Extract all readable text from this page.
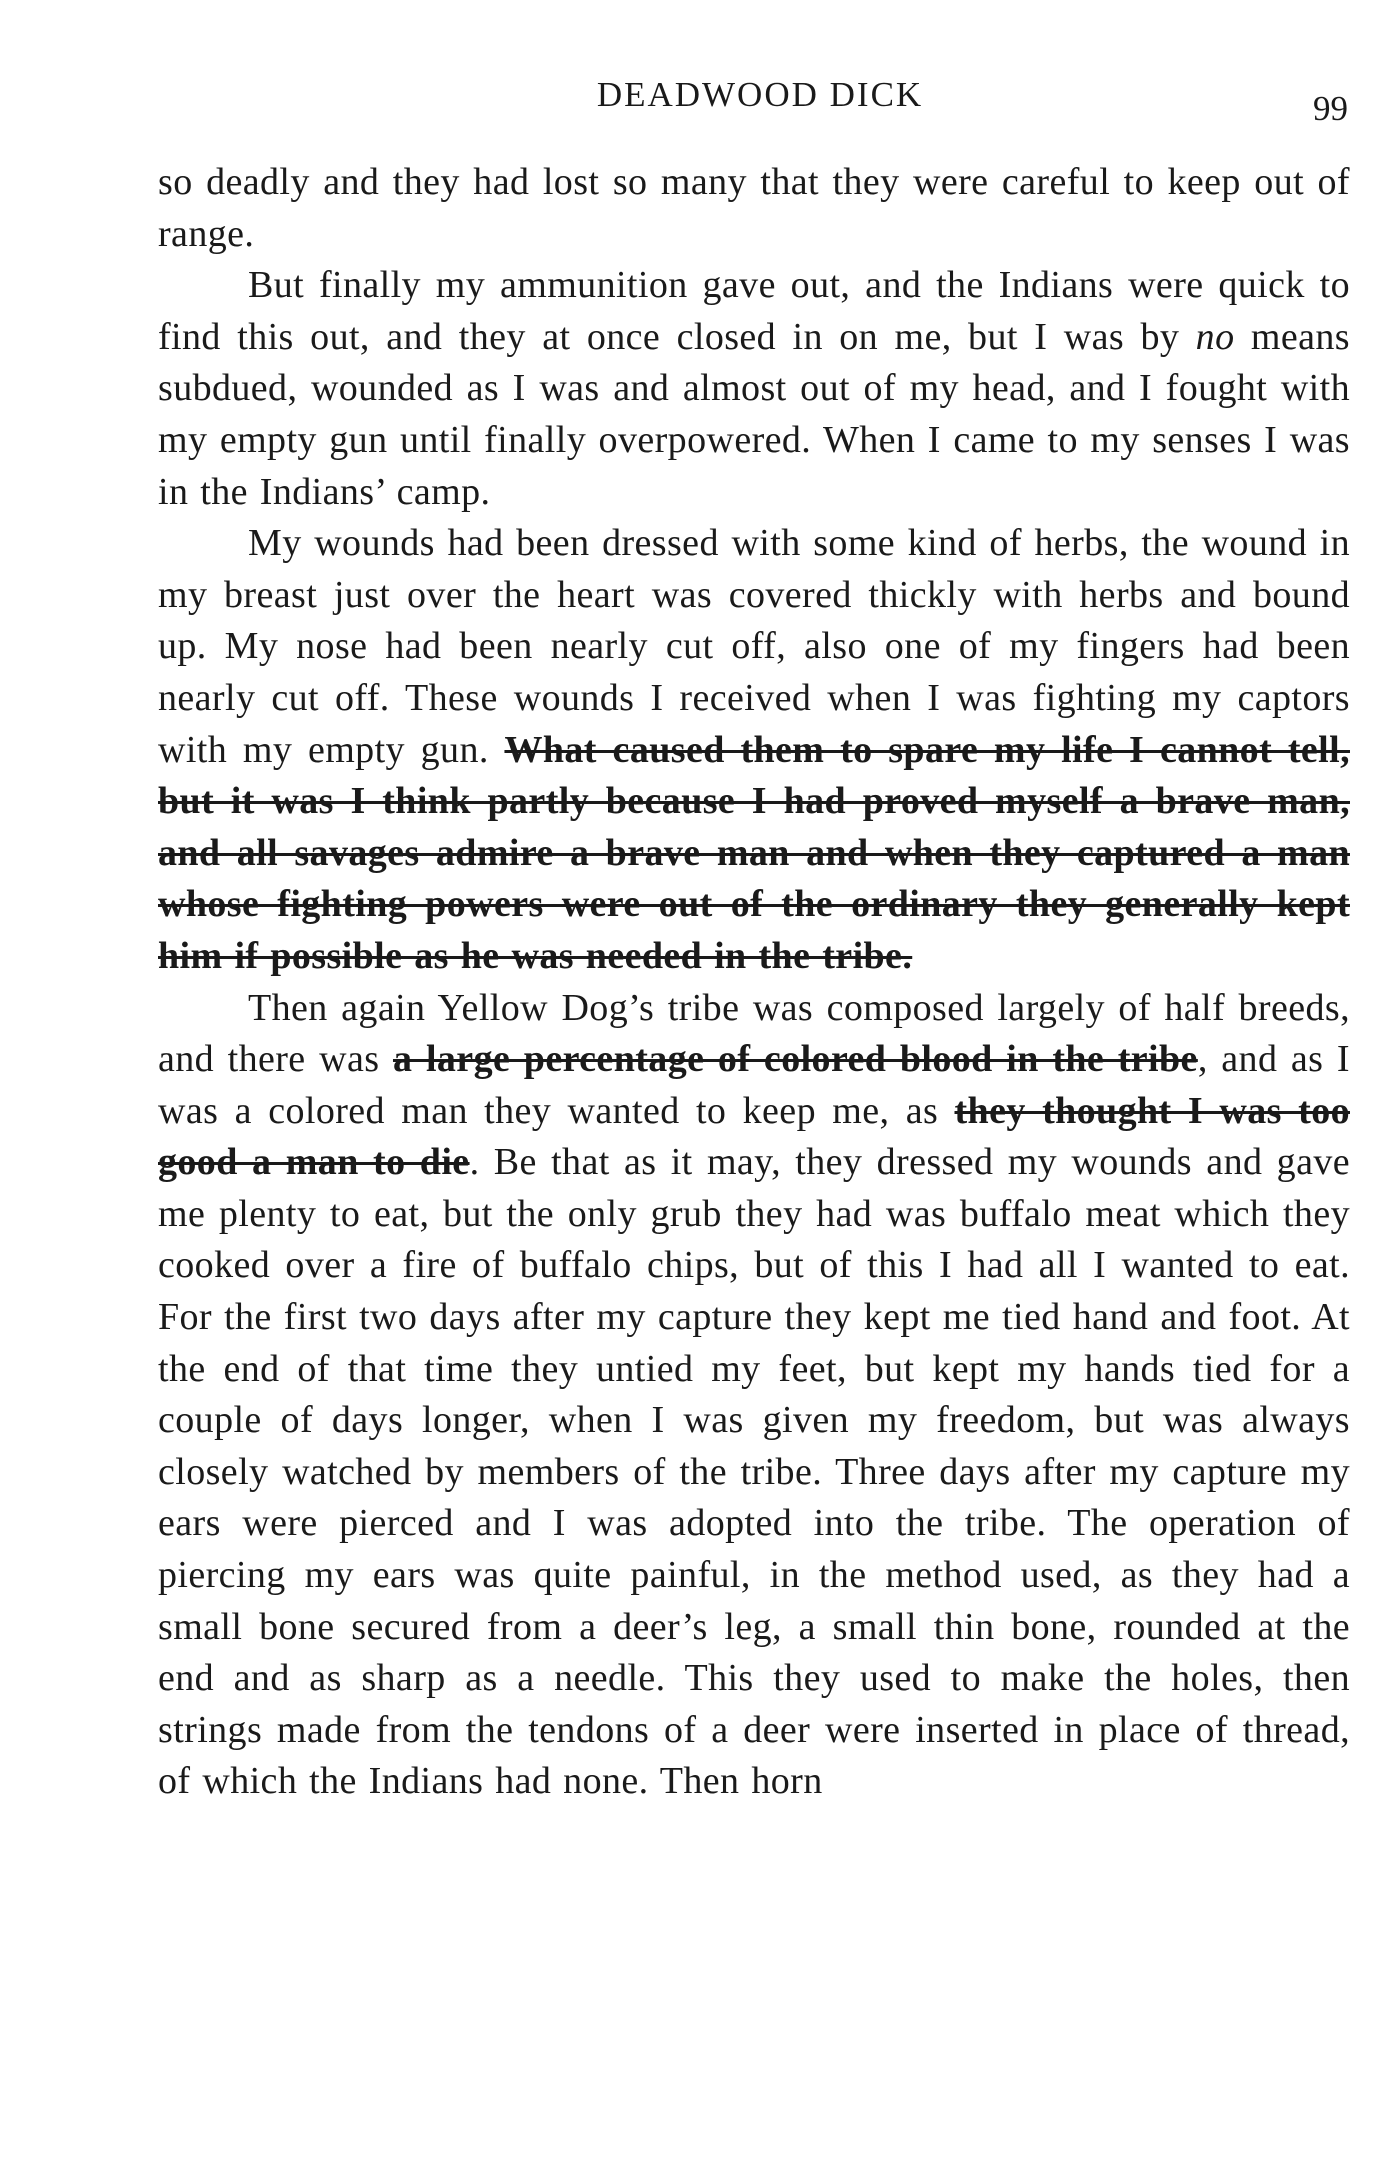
DEADWOOD DICK	99

so deadly and they had lost so many that they were careful to keep out of range.

But finally my ammunition gave out, and the Indians were quick to find this out, and they at once closed in on me, but I was by no means subdued, wounded as I was and almost out of my head, and I fought with my empty gun until finally overpowered. When I came to my senses I was in the Indians’ camp.

My wounds had been dressed with some kind of herbs, the wound in my breast just over the heart was covered thickly with herbs and bound up. My nose had been nearly cut off, also one of my fingers had been nearly cut off. These wounds I received when I was fighting my captors with my empty gun. What caused them to spare my life I cannot tell, but it was I think partly because I had proved myself a brave man, and all savages admire a brave man and when they captured a man whose fighting powers were out of the ordinary they generally kept him if possible as he was needed in the tribe.

Then again Yellow Dog’s tribe was composed largely of half breeds, and there was a large percentage of colored blood in the tribe, and as I was a colored man they wanted to keep me, as they thought I was too good a man to die. Be that as it may, they dressed my wounds and gave me plenty to eat, but the only grub they had was buffalo meat which they cooked over a fire of buffalo chips, but of this I had all I wanted to eat. For the first two days after my capture they kept me tied hand and foot. At the end of that time they untied my feet, but kept my hands tied for a couple of days longer, when I was given my freedom, but was always closely watched by members of the tribe. Three days after my capture my ears were pierced and I was adopted into the tribe. The operation of piercing my ears was quite painful, in the method used, as they had a small bone secured from a deer’s leg, a small thin bone, rounded at the end and as sharp as a needle. This they used to make the holes, then strings made from the tendons of a deer were inserted in place of thread, of which the Indians had none. Then horn
